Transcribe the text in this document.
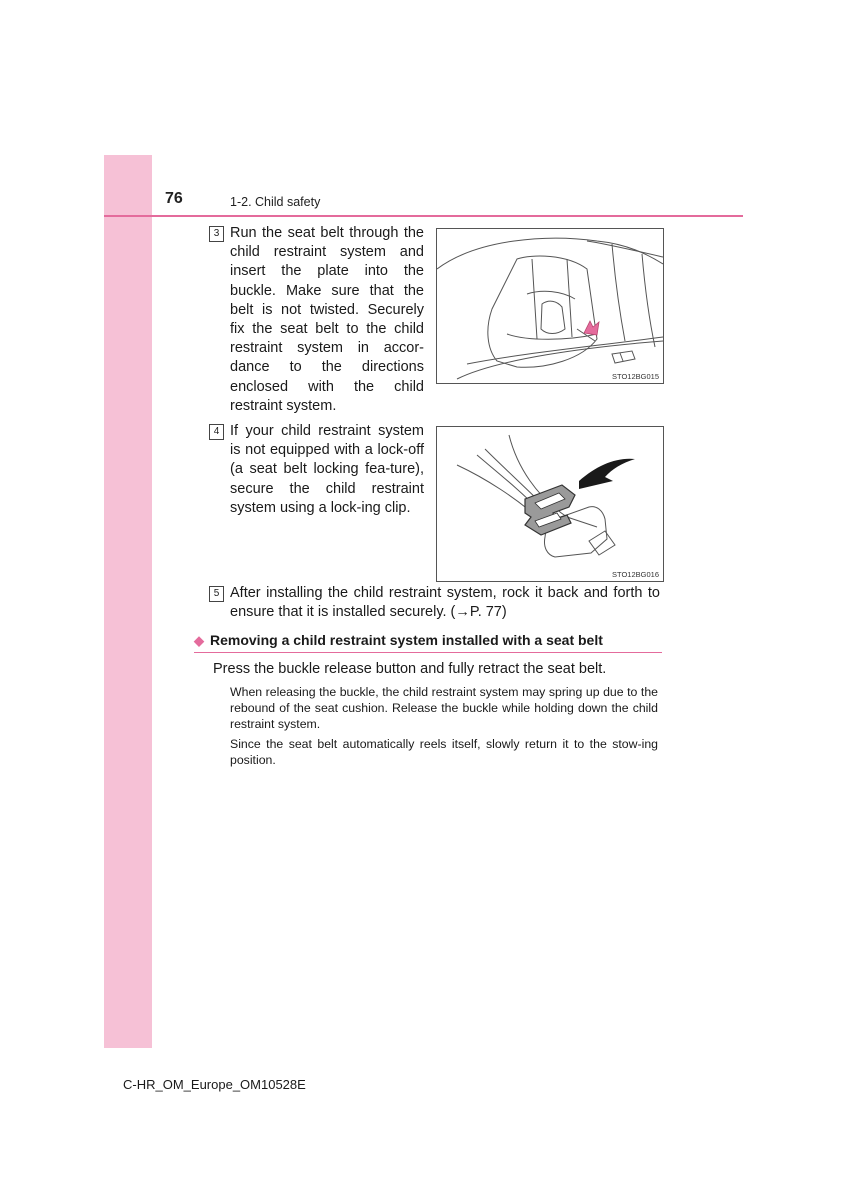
76	1-2. Child safety
3 Run the seat belt through the child restraint system and insert the plate into the buckle. Make sure that the belt is not twisted. Securely fix the seat belt to the child restraint system in accor-dance to the directions enclosed with the child restraint system.
STO12BG015
4 If your child restraint system is not equipped with a lock-off (a seat belt locking fea-ture), secure the child restraint system using a lock-ing clip.
STO12BG016
5 After installing the child restraint system, rock it back and forth to ensure that it is installed securely. (→P. 77)
◆ Removing a child restraint system installed with a seat belt
Press the buckle release button and fully retract the seat belt.
When releasing the buckle, the child restraint system may spring up due to the rebound of the seat cushion. Release the buckle while holding down the child restraint system.
Since the seat belt automatically reels itself, slowly return it to the stow-ing position.
C-HR_OM_Europe_OM10528E
